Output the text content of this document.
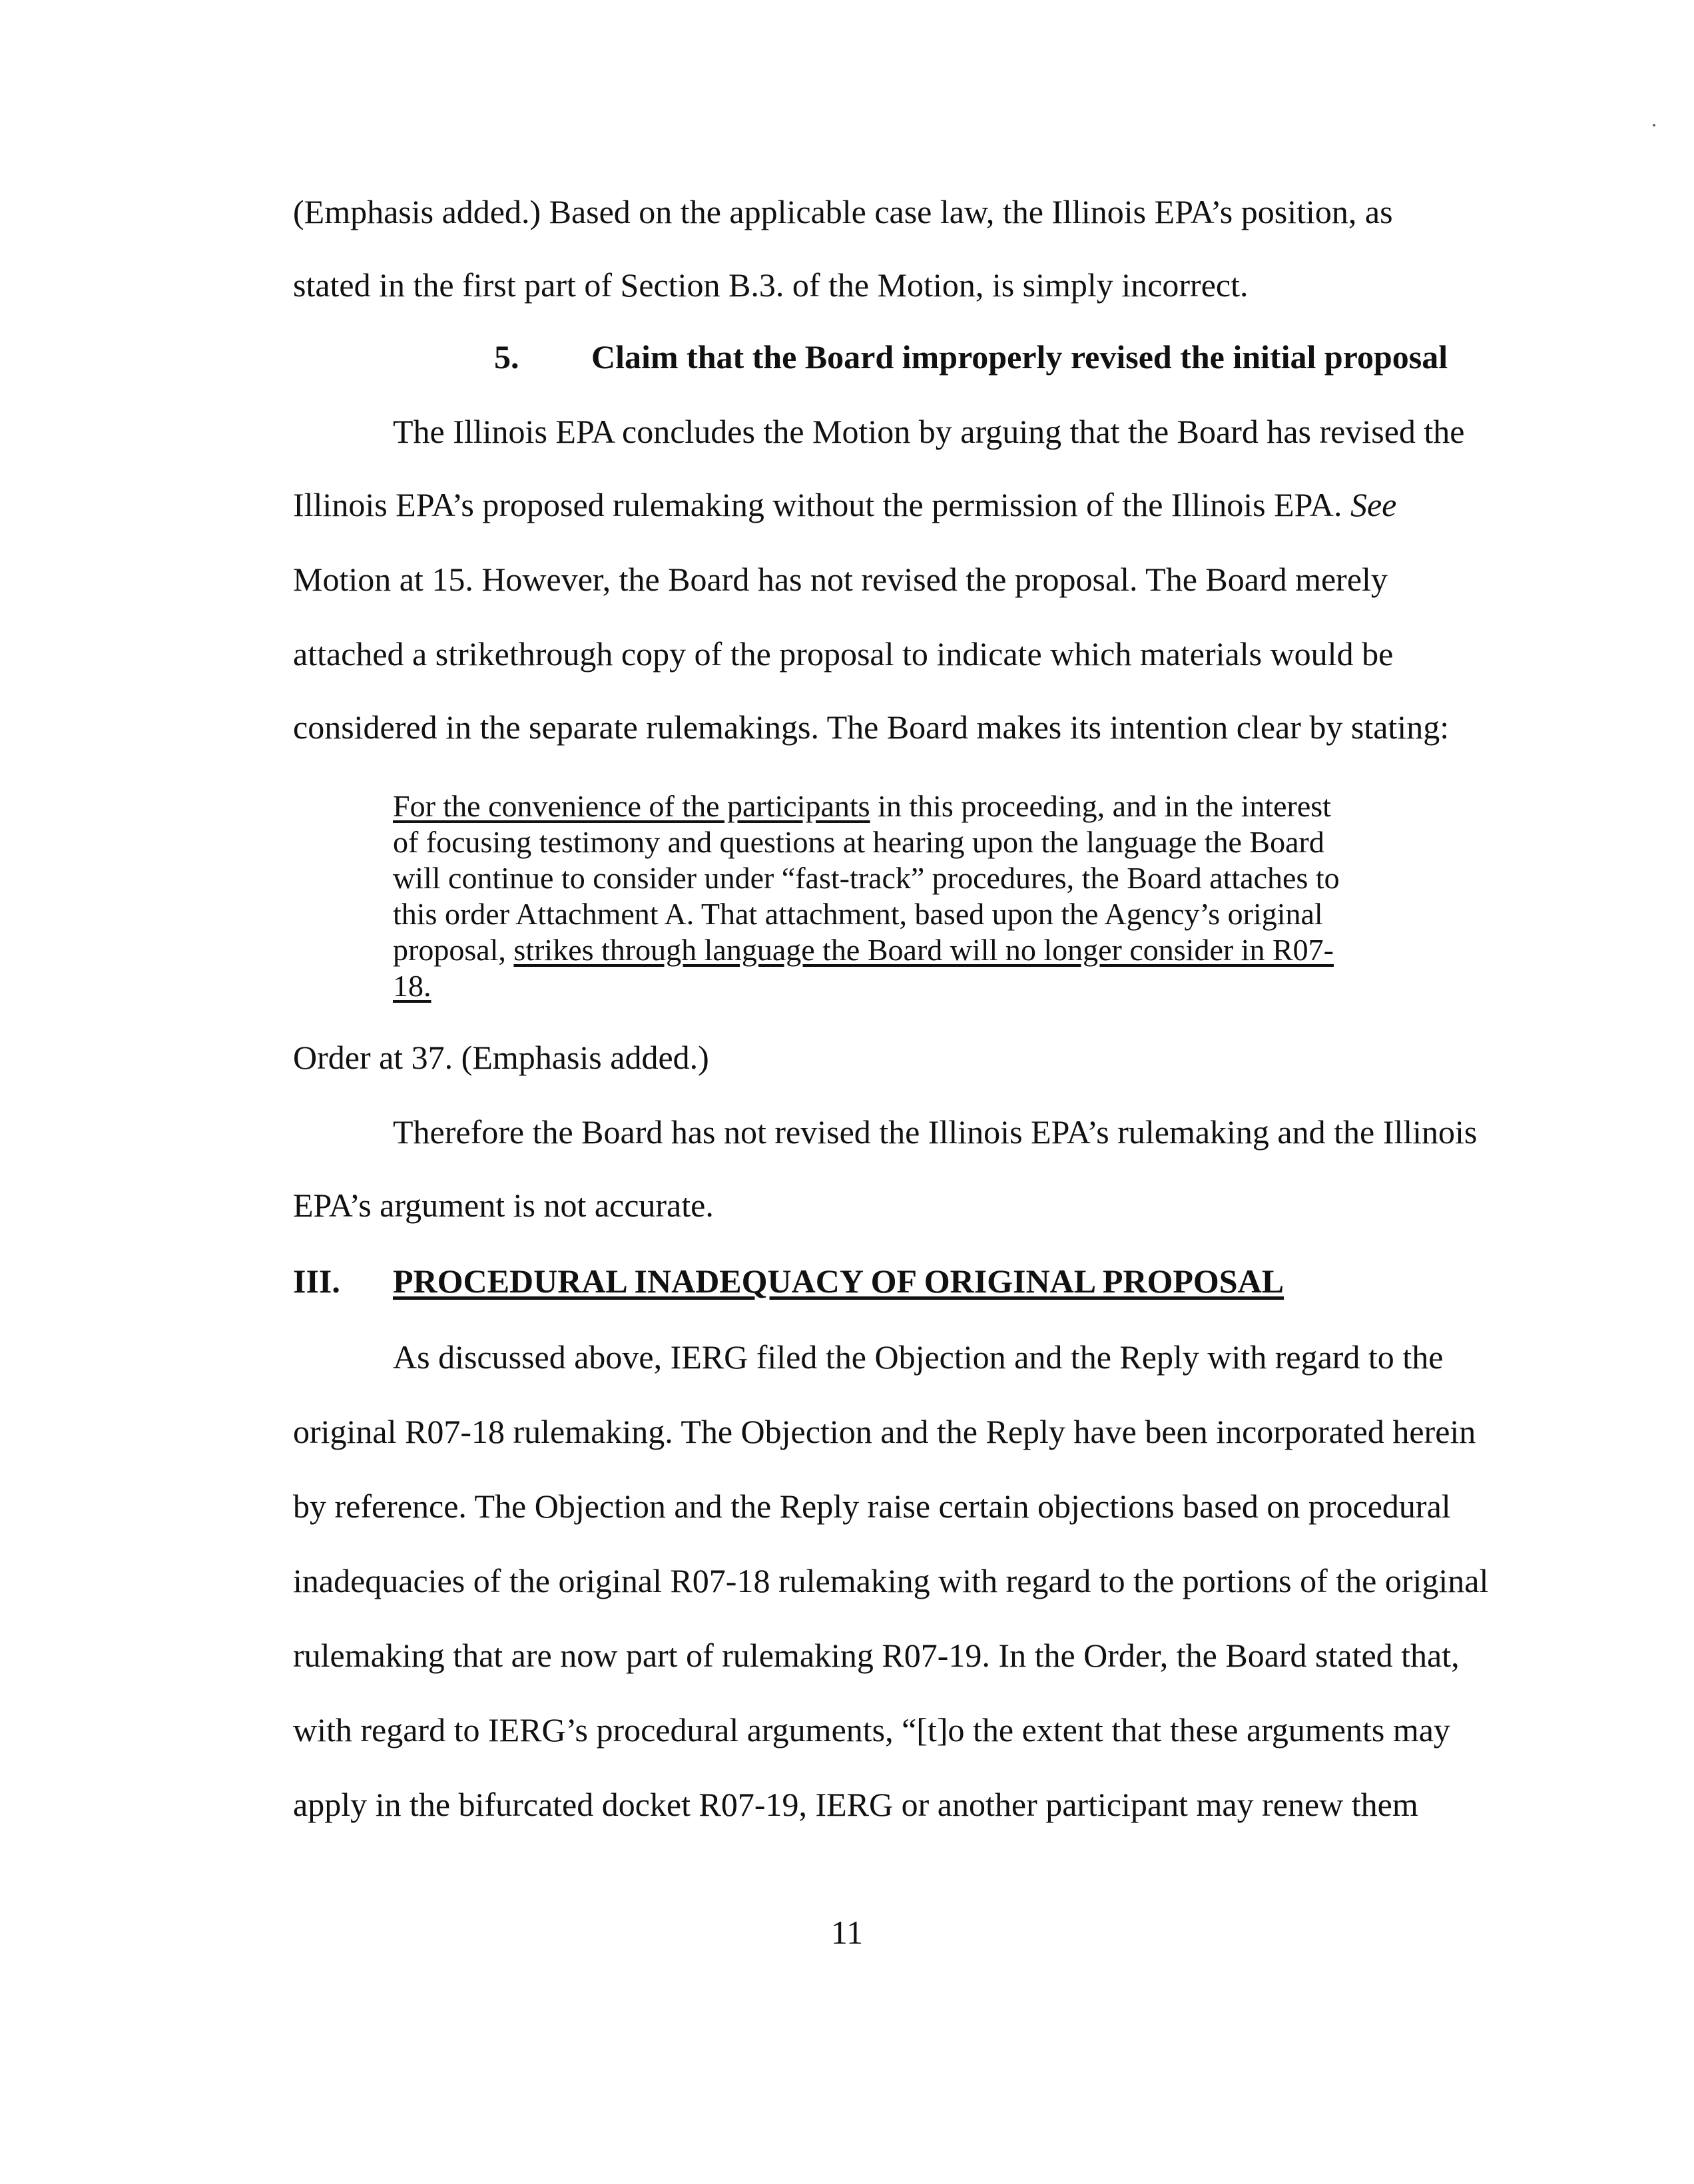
(Emphasis added.) Based on the applicable case law, the Illinois EPA’s position, as

stated in the first part of Section B.3. of the Motion, is simply incorrect.

5. Claim that the Board improperly revised the initial proposal

The Illinois EPA concludes the Motion by arguing that the Board has revised the

Illinois EPA’s proposed rulemaking without the permission of the Illinois EPA. See

Motion at 15. However, the Board has not revised the proposal. The Board merely

attached a strikethrough copy of the proposal to indicate which materials would be

considered in the separate rulemakings. The Board makes its intention clear by stating:

For the convenience of the participants in this proceeding, and in the interest
of focusing testimony and questions at hearing upon the language the Board
will continue to consider under “fast-track” procedures, the Board attaches to
this order Attachment A. That attachment, based upon the Agency’s original
proposal, strikes through language the Board will no longer consider in R07-
18.

Order at 37. (Emphasis added.)

Therefore the Board has not revised the Illinois EPA’s rulemaking and the Illinois

EPA’s argument is not accurate.

III. PROCEDURAL INADEQUACY OF ORIGINAL PROPOSAL

As discussed above, IERG filed the Objection and the Reply with regard to the

original R07-18 rulemaking. The Objection and the Reply have been incorporated herein

by reference. The Objection and the Reply raise certain objections based on procedural

inadequacies of the original R07-18 rulemaking with regard to the portions of the original

rulemaking that are now part of rulemaking R07-19. In the Order, the Board stated that,

with regard to IERG’s procedural arguments, “[t]o the extent that these arguments may

apply in the bifurcated docket R07-19, IERG or another participant may renew them

11
